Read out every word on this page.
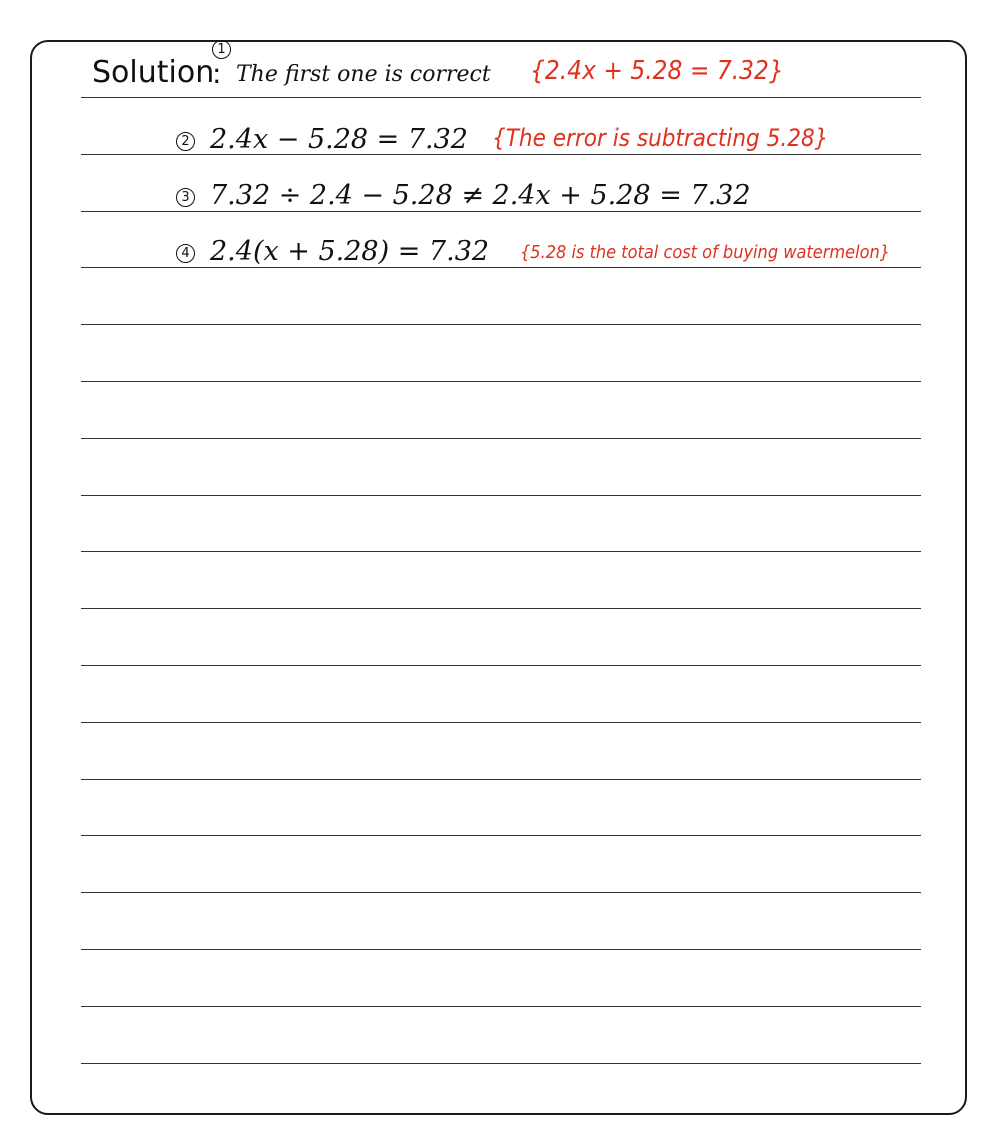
Solution
:
1
The first one is correct {2.4x + 5.28 = 7.32}
2 2.4x − 5.28 = 7.32 {The error is subtracting 5.28}
3 7.32 ÷ 2.4 − 5.28 ≠ 2.4x + 5.28 = 7.32
4 2.4(x + 5.28) = 7.32 {5.28 is the total cost of buying watermelon}
